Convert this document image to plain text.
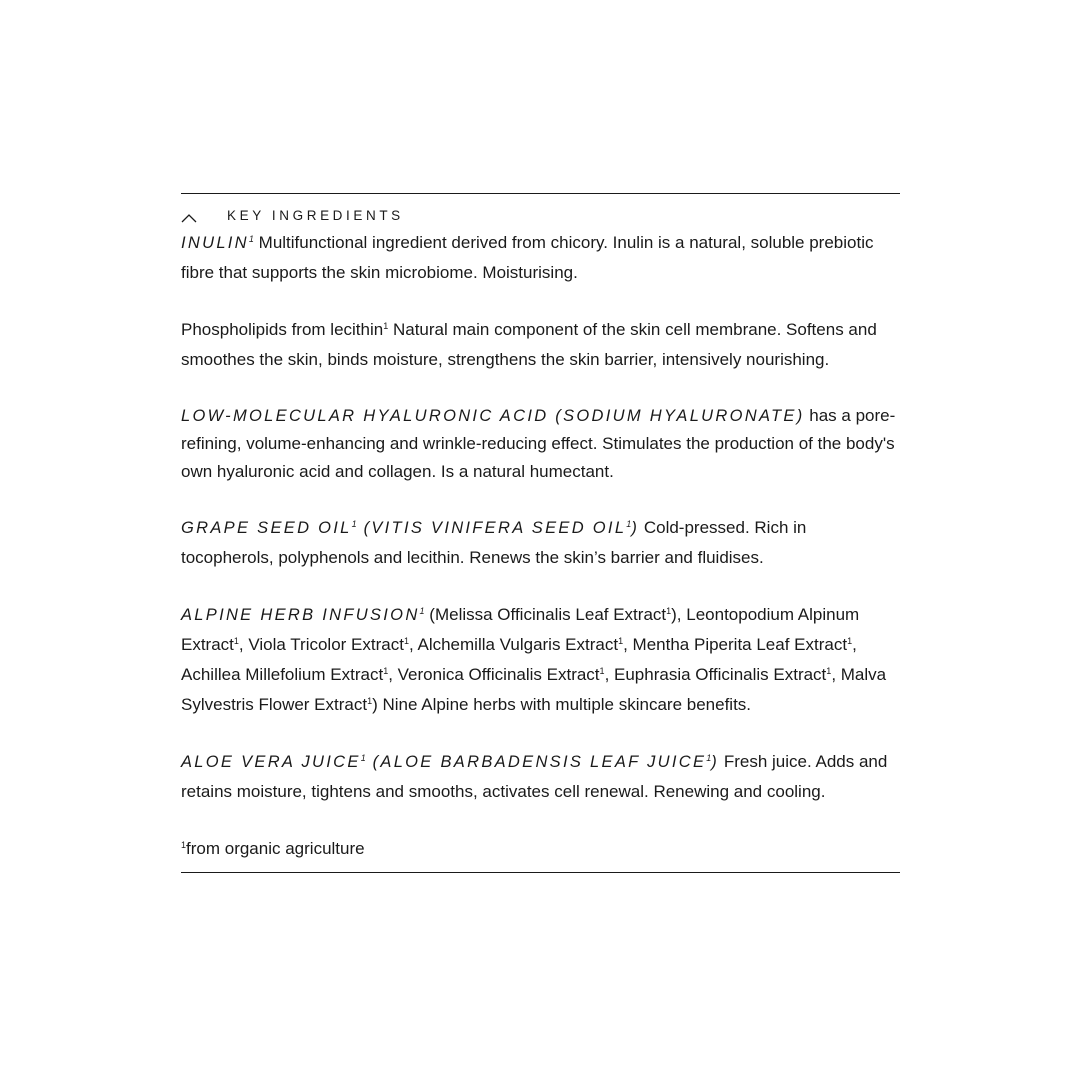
KEY INGREDIENTS

INULIN$^1$ Multifunctional ingredient derived from chicory. Inulin is a natural, soluble prebiotic fibre that supports the skin microbiome. Moisturising.

Phospholipids from lecithin$^1$ Natural main component of the skin cell membrane. Softens and smoothes the skin, binds moisture, strengthens the skin barrier, intensively nourishing.

LOW-MOLECULAR HYALURONIC ACID (SODIUM HYALURONATE) has a pore-refining, volume-enhancing and wrinkle-reducing effect. Stimulates the production of the body's own hyaluronic acid and collagen. Is a natural humectant.

GRAPE SEED OIL$^1$ (VITIS VINIFERA SEED OIL$^1$) Cold-pressed. Rich in tocopherols, polyphenols and lecithin. Renews the skin’s barrier and fluidises.

ALPINE HERB INFUSION$^1$ (Melissa Officinalis Leaf Extract$^1$), Leontopodium Alpinum Extract$^1$, Viola Tricolor Extract$^1$, Alchemilla Vulgaris Extract$^1$, Mentha Piperita Leaf Extract$^1$, Achillea Millefolium Extract$^1$, Veronica Officinalis Extract$^1$, Euphrasia Officinalis Extract$^1$, Malva Sylvestris Flower Extract$^1$) Nine Alpine herbs with multiple skincare benefits.

ALOE VERA JUICE$^1$ (ALOE BARBADENSIS LEAF JUICE$^1$) Fresh juice. Adds and retains moisture, tightens and smooths, activates cell renewal. Renewing and cooling.

$^1$from organic agriculture
